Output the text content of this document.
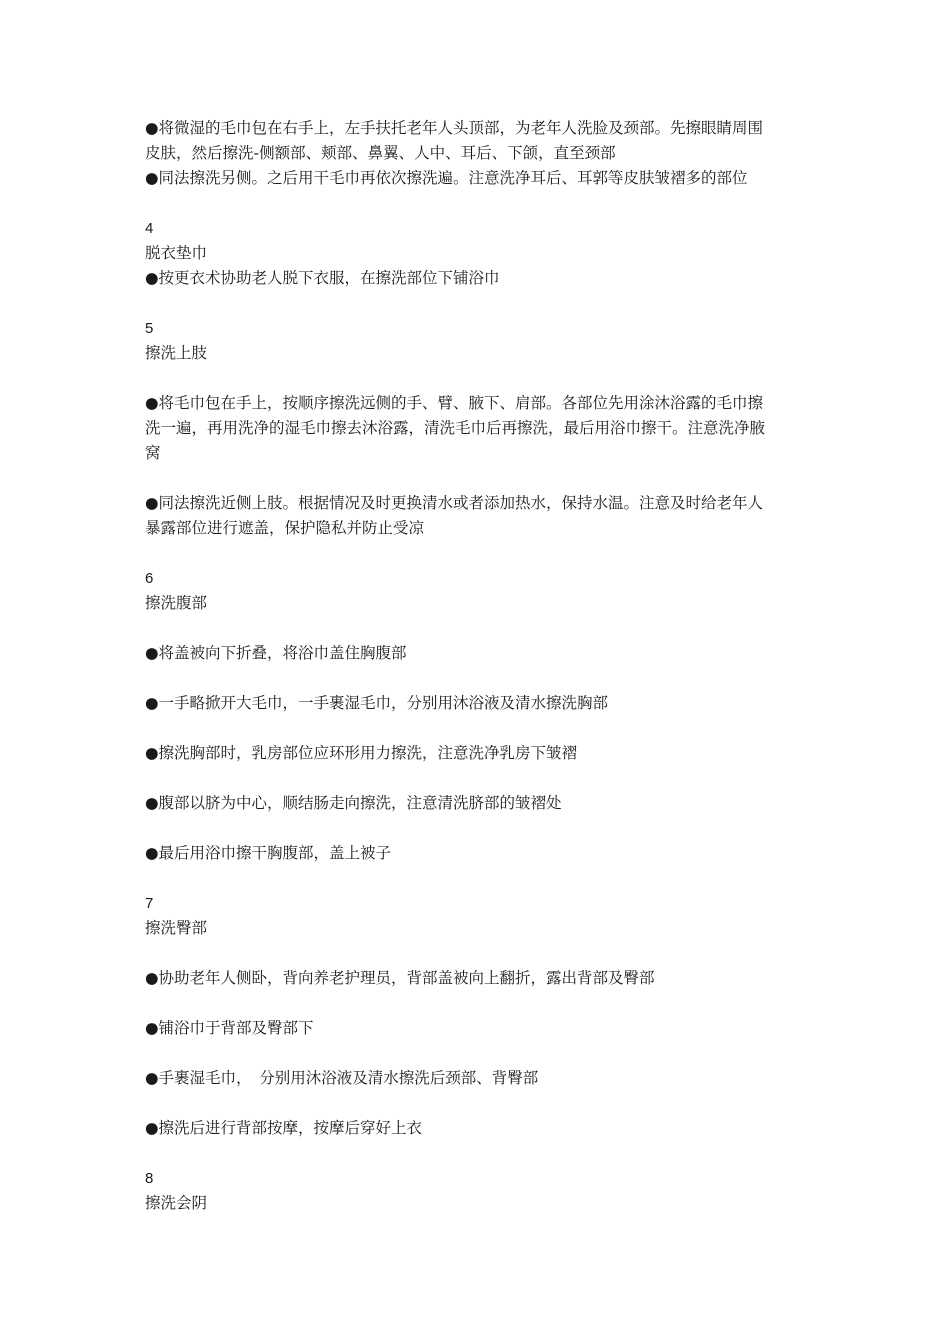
●将微湿的毛巾包在右手上，左手扶托老年人头顶部，为老年人洗脸及颈部。先擦眼睛周围
皮肤，然后擦洗-侧额部、颊部、鼻翼、人中、耳后、下颌，直至颈部
●同法擦洗另侧。之后用干毛巾再依次擦洗遍。注意洗净耳后、耳郭等皮肤皱褶多的部位
4
脱衣垫巾
●按更衣术协助老人脱下衣服，在擦洗部位下铺浴巾
5
擦洗上肢
●将毛巾包在手上，按顺序擦洗远侧的手、臂、腋下、肩部。各部位先用涂沐浴露的毛巾擦
洗一遍，再用洗净的湿毛巾擦去沐浴露，清洗毛巾后再擦洗，最后用浴巾擦干。注意洗净腋
窝
●同法擦洗近侧上肢。根据情况及时更换清水或者添加热水，保持水温。注意及时给老年人
暴露部位进行遮盖，保护隐私并防止受凉
6
擦洗腹部
●将盖被向下折叠，将浴巾盖住胸腹部
●一手略掀开大毛巾，一手裹湿毛巾，分别用沐浴液及清水擦洗胸部
●擦洗胸部时，乳房部位应环形用力擦洗，注意洗净乳房下皱褶
●腹部以脐为中心，顺结肠走向擦洗，注意清洗脐部的皱褶处
●最后用浴巾擦干胸腹部，盖上被子
7
擦洗臀部
●协助老年人侧卧，背向养老护理员，背部盖被向上翻折，露出背部及臀部
●铺浴巾于背部及臀部下
●手裹湿毛巾，　分别用沐浴液及清水擦洗后颈部、背臀部
●擦洗后进行背部按摩，按摩后穿好上衣
8
擦洗会阴
